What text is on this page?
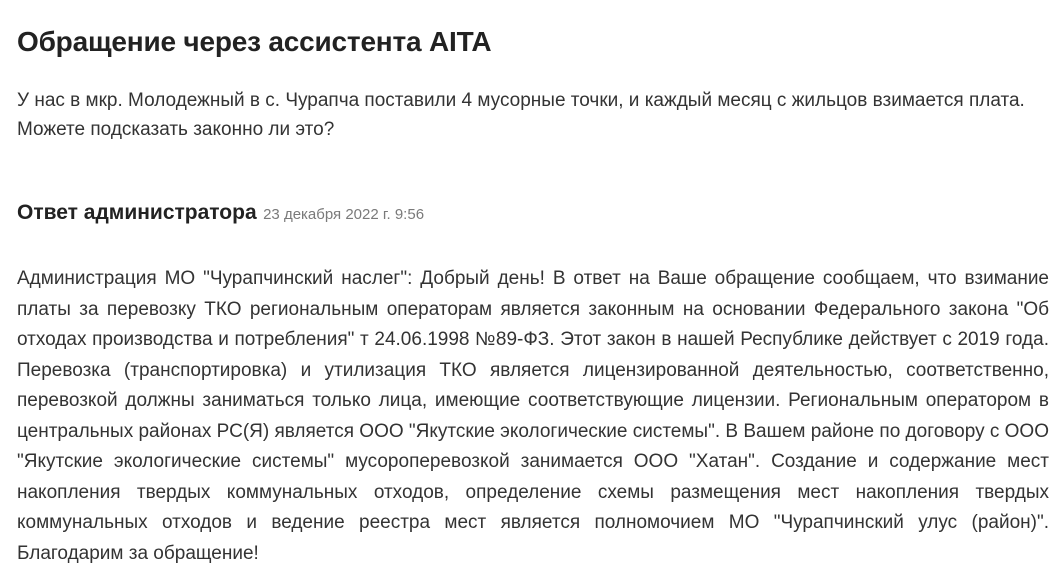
Обращение через ассистента AITA

У нас в мкр. Молодежный в с. Чурапча поставили 4 мусорные точки, и каждый месяц с жильцов взимается плата. Можете подсказать законно ли это?

Ответ администратора 23 декабря 2022 г. 9:56

Администрация МО "Чурапчинский наслег": Добрый день! В ответ на Ваше обращение сообщаем, что взимание платы за перевозку ТКО региональным операторам является законным на основании Федерального закона "Об отходах производства и потребления" т 24.06.1998 №89-ФЗ. Этот закон в нашей Республике действует с 2019 года. Перевозка (транспортировка) и утилизация ТКО является лицензированной деятельностью, соответственно, перевозкой должны заниматься только лица, имеющие соответствующие лицензии. Региональным оператором в центральных районах РС(Я) является ООО "Якутские экологические системы". В Вашем районе по договору с ООО "Якутские экологические системы" мусороперевозкой занимается ООО "Хатан". Создание и содержание мест накопления твердых коммунальных отходов, определение схемы размещения мест накопления твердых коммунальных отходов и ведение реестра мест является полномочием МО "Чурапчинский улус (район)". Благодарим за обращение!
